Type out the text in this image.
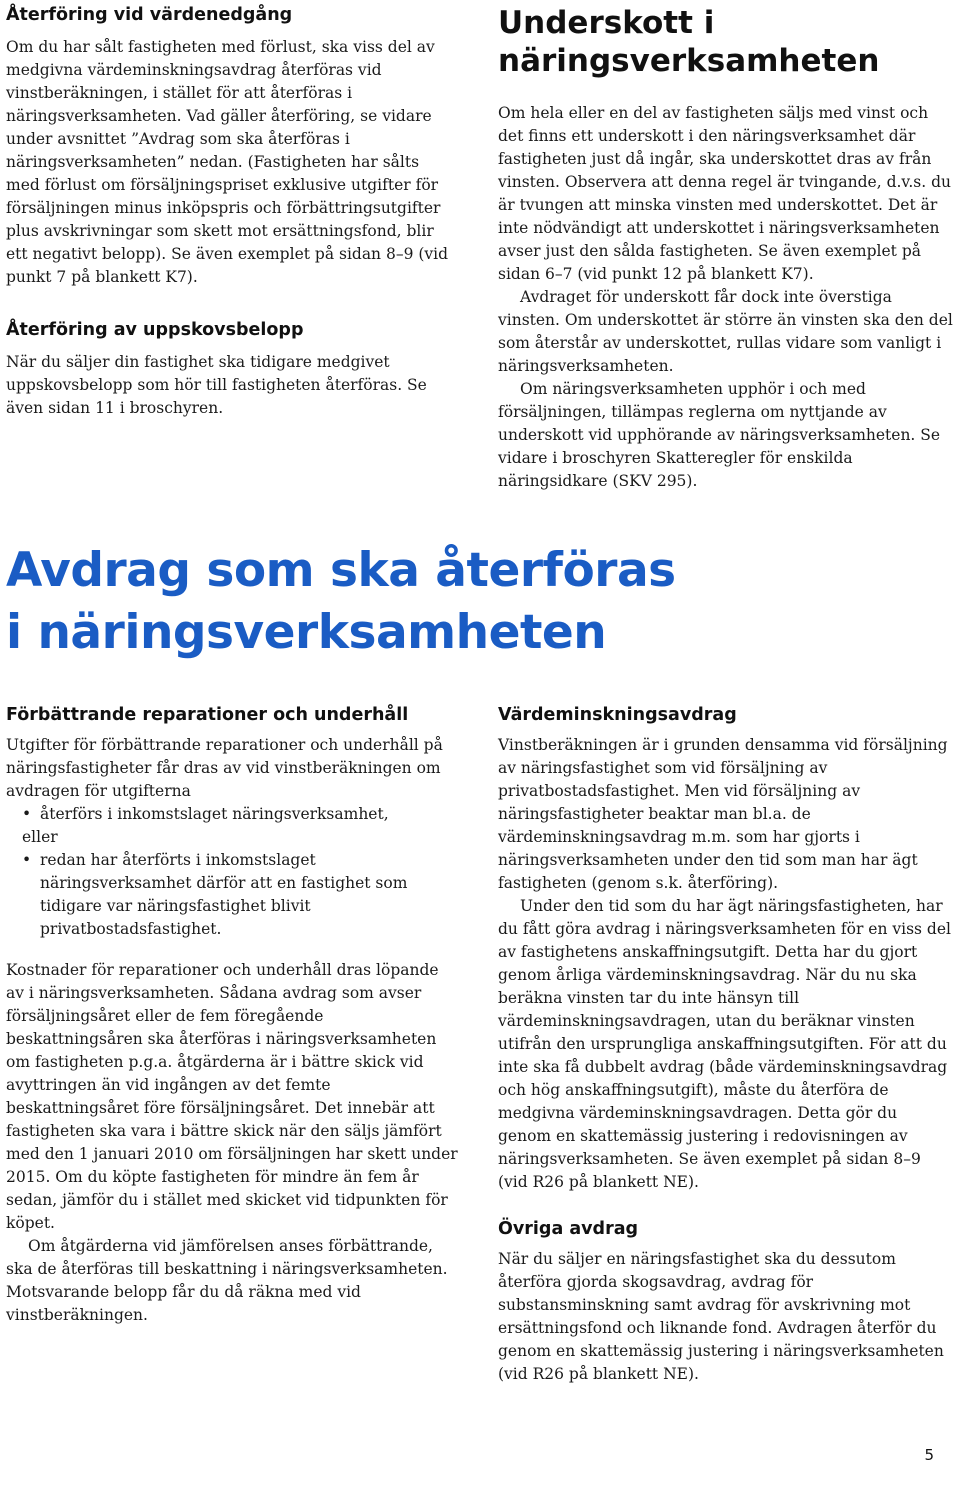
Återföring vid värdenedgång

Om du har sålt fastigheten med förlust, ska viss del av medgivna värdeminskningsavdrag återföras vid vinstberäkningen, i stället för att återföras i näringsverksamheten. Vad gäller återföring, se vidare under avsnittet ”Avdrag som ska återföras i näringsverksamheten” nedan. (Fastigheten har sålts med förlust om försäljningspriset exklusive utgifter för försäljningen minus inköpspris och förbättringsutgifter plus avskrivningar som skett mot ersättningsfond, blir ett negativt belopp). Se även exemplet på sidan 8–9 (vid punkt 7 på blankett K7).

Återföring av uppskovsbelopp

När du säljer din fastighet ska tidigare medgivet uppskovsbelopp som hör till fastigheten återföras. Se även sidan 11 i broschyren.

Underskott i näringsverksamheten

Om hela eller en del av fastigheten säljs med vinst och det finns ett underskott i den näringsverksamhet där fastigheten just då ingår, ska underskottet dras av från vinsten. Observera att denna regel är tvingande, d.v.s. du är tvungen att minska vinsten med underskottet. Det är inte nödvändigt att underskottet i näringsverksamheten avser just den sålda fastigheten. Se även exemplet på sidan 6–7 (vid punkt 12 på blankett K7).

Avdraget för underskott får dock inte överstiga vinsten. Om underskottet är större än vinsten ska den del som återstår av underskottet, rullas vidare som vanligt i näringsverksamheten.

Om näringsverksamheten upphör i och med försäljningen, tillämpas reglerna om nyttjande av underskott vid upphörande av näringsverksamheten. Se vidare i broschyren Skatteregler för enskilda näringsidkare (SKV 295).

Avdrag som ska återföras
i näringsverksamheten
Förbättrande reparationer och underhåll

Utgifter för förbättrande reparationer och underhåll på näringsfastigheter får dras av vid vinstberäkningen om avdragen för utgifterna

• återförs i inkomstslaget näringsverksamhet,
eller
• redan har återförts i inkomstslaget näringsverksamhet därför att en fastighet som tidigare var näringsfastighet blivit privatbostadsfastighet.

Kostnader för reparationer och underhåll dras löpande av i näringsverksamheten. Sådana avdrag som avser försäljningsåret eller de fem föregående beskattningsåren ska återföras i näringsverksamheten om fastigheten p.g.a. åtgärderna är i bättre skick vid avyttringen än vid ingången av det femte beskattningsåret före försäljningsåret. Det innebär att fastigheten ska vara i bättre skick när den säljs jämfört med den 1 januari 2010 om försäljningen har skett under 2015. Om du köpte fastigheten för mindre än fem år sedan, jämför du i stället med skicket vid tidpunkten för köpet.

Om åtgärderna vid jämförelsen anses förbättrande, ska de återföras till beskattning i näringsverksamheten. Motsvarande belopp får du då räkna med vid vinstberäkningen.

Värdeminskningsavdrag

Vinstberäkningen är i grunden densamma vid försäljning av näringsfastighet som vid försäljning av privatbostadsfastighet. Men vid försäljning av näringsfastigheter beaktar man bl.a. de värdeminskningsavdrag m.m. som har gjorts i näringsverksamheten under den tid som man har ägt fastigheten (genom s.k. återföring).

Under den tid som du har ägt näringsfastigheten, har du fått göra avdrag i näringsverksamheten för en viss del av fastighetens anskaffningsutgift. Detta har du gjort genom årliga värdeminskningsavdrag. När du nu ska beräkna vinsten tar du inte hänsyn till värdeminskningsavdragen, utan du beräknar vinsten utifrån den ursprungliga anskaffningsutgiften. För att du inte ska få dubbelt avdrag (både värdeminskningsavdrag och hög anskaffningsutgift), måste du återföra de medgivna värdeminskningsavdragen. Detta gör du genom en skattemässig justering i redovisningen av näringsverksamheten. Se även exemplet på sidan 8–9 (vid R26 på blankett NE).

Övriga avdrag

När du säljer en näringsfastighet ska du dessutom återföra gjorda skogsavdrag, avdrag för substansminskning samt avdrag för avskrivning mot ersättningsfond och liknande fond. Avdragen återför du genom en skattemässig justering i näringsverksamheten (vid R26 på blankett NE).

5
